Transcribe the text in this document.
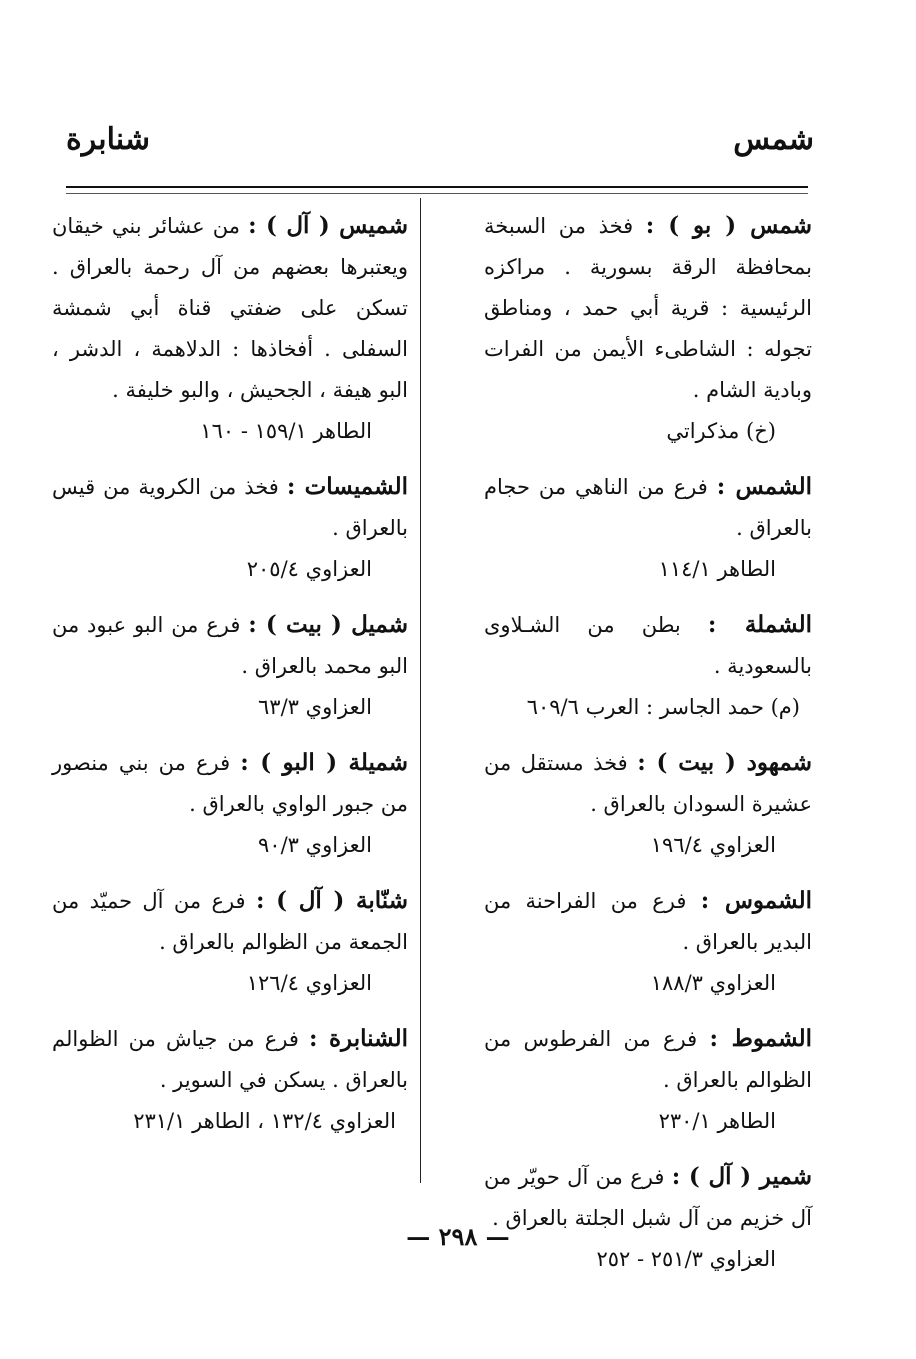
شمس
شنابرة

شمس ( بو ) : فخذ من السبخة بمحافظة الرقة بسورية . مراكزه الرئيسية : قرية أبي حمد ، ومناطق تجوله : الشاطىء الأيمن من الفرات وبادية الشام .

(خ) مذكراتي

الشمس : فرع من الناهي من حجام بالعراق .

الطاهر ١١٤/١

الشملة : بطن من الشـلاوى بالسعودية .

(م) حمد الجاسر : العرب ٦٠٩/٦

شمهود ( بيت ) : فخذ مستقل من عشيرة السودان بالعراق .

العزاوي ١٩٦/٤

الشموس : فرع من الفراحنة من البدير بالعراق .

العزاوي ١٨٨/٣

الشموط : فرع من الفرطوس من الظوالم بالعراق .

الطاهر ٢٣٠/١

شمير ( آل ) : فرع من آل حويّر من آل خزيم من آل شبل الجلتة بالعراق .

العزاوي ٢٥١/٣ - ٢٥٢

شميس ( آل ) : من عشائر بني خيقان ويعتبرها بعضهم من آل رحمة بالعراق . تسكن على ضفتي قناة أبي شمشة السفلى . أفخاذها : الدلاهمة ، الدشر ، البو هيفة ، الجحيش ، والبو خليفة .

الطاهر ١٥٩/١ - ١٦٠

الشميسات : فخذ من الكروية من قيس بالعراق .

العزاوي ٢٠٥/٤

شميل ( بيت ) : فرع من البو عبود من البو محمد بالعراق .

العزاوي ٦٣/٣

شميلة ( البو ) : فرع من بني منصور من جبور الواوي بالعراق .

العزاوي ٩٠/٣

شنّابة ( آل ) : فرع من آل حميّد من الجمعة من الظوالم بالعراق .

العزاوي ١٢٦/٤

الشنابرة : فرع من جياش من الظوالم بالعراق . يسكن في السوير .

العزاوي ١٣٢/٤ ، الطاهر ٢٣١/١

— ٢٩٨ —
